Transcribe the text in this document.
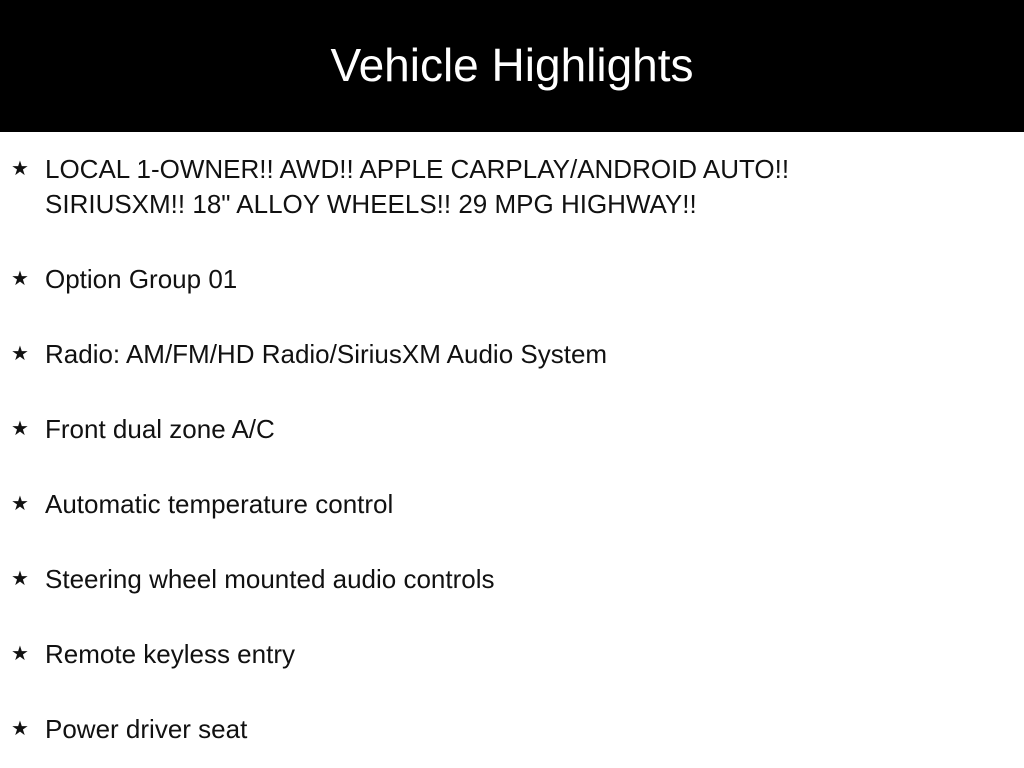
Vehicle Highlights
★ LOCAL 1-OWNER!! AWD!! APPLE CARPLAY/ANDROID AUTO!! SIRIUSXM!! 18" ALLOY WHEELS!! 29 MPG HIGHWAY!!
★ Option Group 01
★ Radio: AM/FM/HD Radio/SiriusXM Audio System
★ Front dual zone A/C
★ Automatic temperature control
★ Steering wheel mounted audio controls
★ Remote keyless entry
★ Power driver seat
